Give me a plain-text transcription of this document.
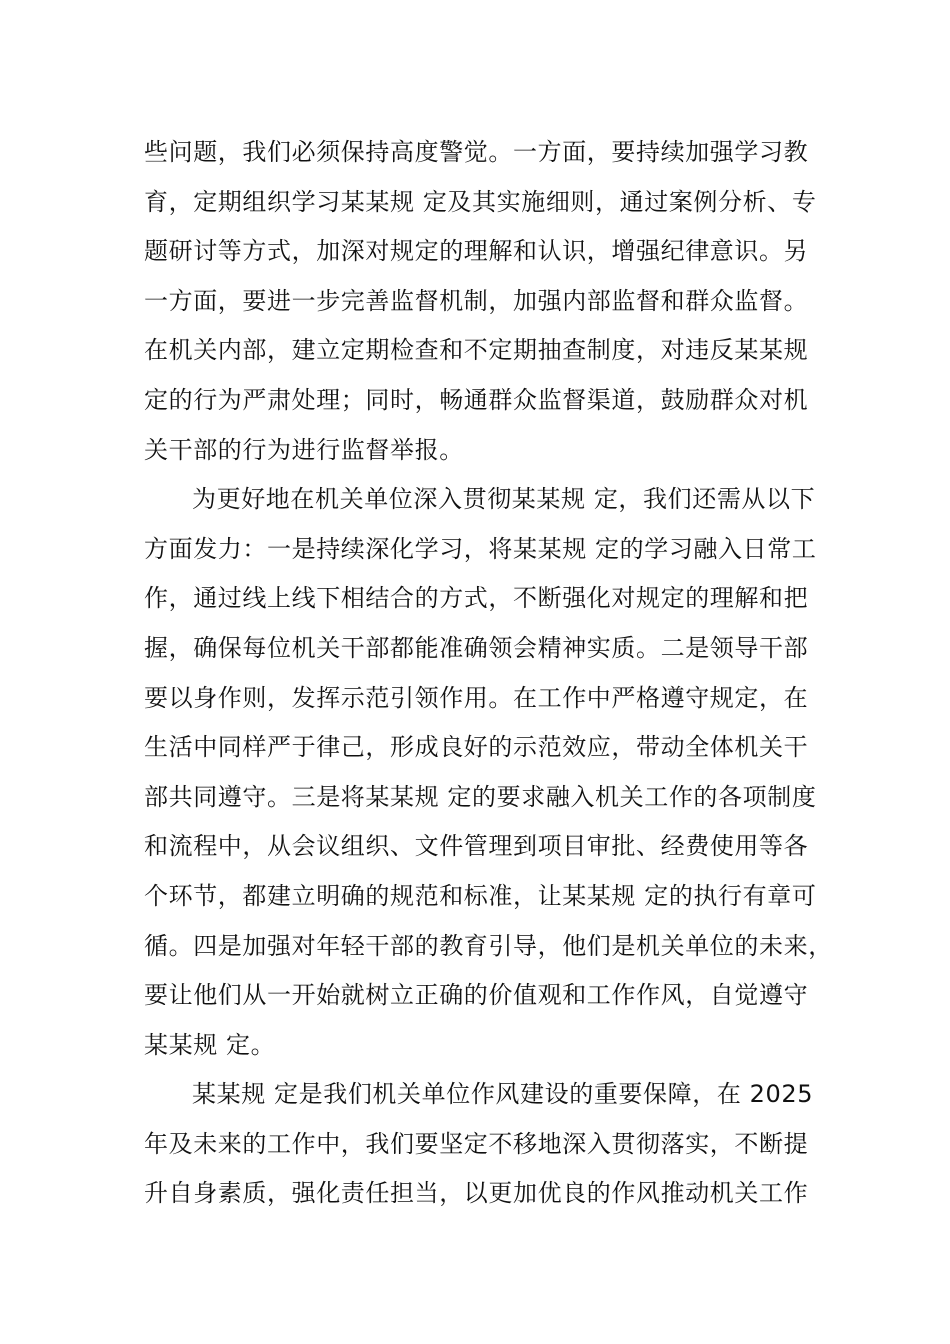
些问题，我们必须保持高度警觉。一方面，要持续加强学习教
育，定期组织学习某某规 定及其实施细则，通过案例分析、专
题研讨等方式，加深对规定的理解和认识，增强纪律意识。另
一方面，要进一步完善监督机制，加强内部监督和群众监督。
在机关内部，建立定期检查和不定期抽查制度，对违反某某规
定的行为严肃处理；同时，畅通群众监督渠道，鼓励群众对机
关干部的行为进行监督举报。
为更好地在机关单位深入贯彻某某规 定，我们还需从以下
方面发力：一是持续深化学习，将某某规 定的学习融入日常工
作，通过线上线下相结合的方式，不断强化对规定的理解和把
握，确保每位机关干部都能准确领会精神实质。二是领导干部
要以身作则，发挥示范引领作用。在工作中严格遵守规定，在
生活中同样严于律己，形成良好的示范效应，带动全体机关干
部共同遵守。三是将某某规 定的要求融入机关工作的各项制度
和流程中，从会议组织、文件管理到项目审批、经费使用等各
个环节，都建立明确的规范和标准，让某某规 定的执行有章可
循。四是加强对年轻干部的教育引导，他们是机关单位的未来，
要让他们从一开始就树立正确的价值观和工作作风，自觉遵守
某某规 定。
某某规 定是我们机关单位作风建设的重要保障，在 2025
年及未来的工作中，我们要坚定不移地深入贯彻落实，不断提
升自身素质，强化责任担当，以更加优良的作风推动机关工作
